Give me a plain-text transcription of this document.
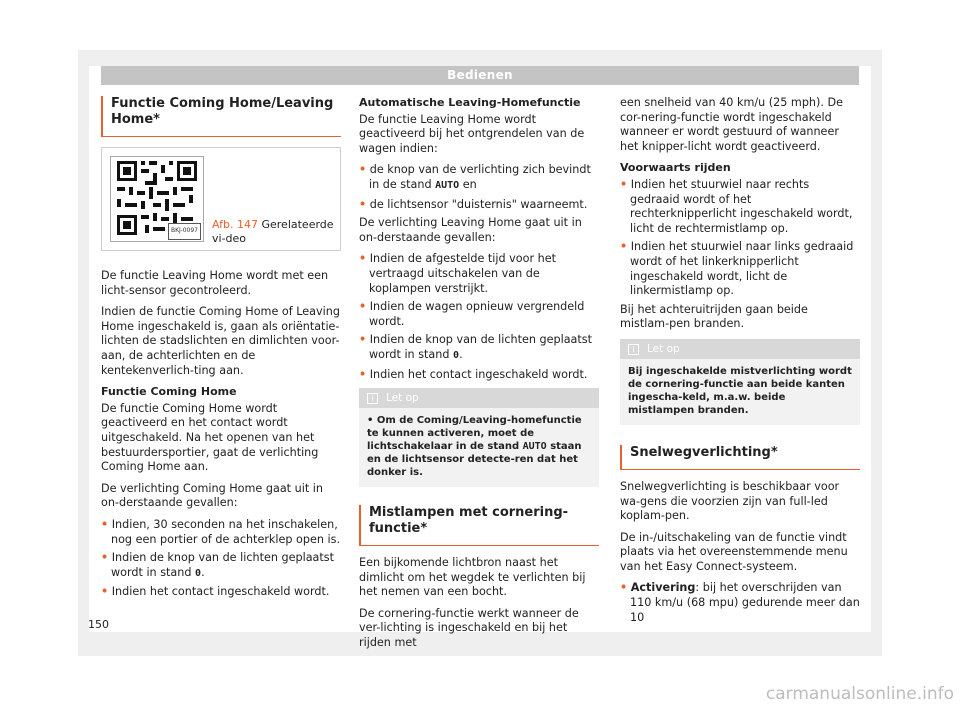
Bedienen
Functie Coming Home/Leaving Home*
BKJ-0097 Afb. 147 Gerelateerde vi-deo

De functie Leaving Home wordt met een licht-sensor gecontroleerd.

Indien de functie Coming Home of Leaving Home ingeschakeld is, gaan als oriëntatie-lichten de stadslichten en dimlichten voor-aan, de achterlichten en de kentekenverlich-ting aan.

Functie Coming Home

De functie Coming Home wordt geactiveerd en het contact wordt uitgeschakeld. Na het openen van het bestuurdersportier, gaat de verlichting Coming Home aan.

De verlichting Coming Home gaat uit in on-derstaande gevallen:

• Indien, 30 seconden na het inschakelen, nog een portier of de achterklep open is.
• Indien de knop van de lichten geplaatst wordt in stand 0.
• Indien het contact ingeschakeld wordt.
Automatische Leaving-Homefunctie

De functie Leaving Home wordt geactiveerd bij het ontgrendelen van de wagen indien:

• de knop van de verlichting zich bevindt in de stand AUTO en
• de lichtsensor "duisternis" waarneemt.

De verlichting Leaving Home gaat uit in on-derstaande gevallen:

• Indien de afgestelde tijd voor het vertraagd uitschakelen van de koplampen verstrijkt.
• Indien de wagen opnieuw vergrendeld wordt.
• Indien de knop van de lichten geplaatst wordt in stand 0.
• Indien het contact ingeschakeld wordt.
i Let op
• Om de Coming/Leaving-homefunctie te kunnen activeren, moet de lichtschakelaar in de stand AUTO staan en de lichtsensor detecte-ren dat het donker is.
Mistlampen met cornering-functie*

Een bijkomende lichtbron naast het dimlicht om het wegdek te verlichten bij het nemen van een bocht.

De cornering-functie werkt wanneer de ver-lichting is ingeschakeld en bij het rijden met

een snelheid van 40 km/u (25 mph). De cor-nering-functie wordt ingeschakeld wanneer er wordt gestuurd of wanneer het knipper-licht wordt geactiveerd.

Voorwaarts rijden
• Indien het stuurwiel naar rechts gedraaid wordt of het rechterknipperlicht ingeschakeld wordt, licht de rechtermistlamp op.
• Indien het stuurwiel naar links gedraaid wordt of het linkerknipperlicht ingeschakeld wordt, licht de linkermistlamp op.

Bij het achteruitrijden gaan beide mistlam-pen branden.

i Let op
Bij ingeschakelde mistverlichting wordt de cornering-functie aan beide kanten ingescha-keld, m.a.w. beide mistlampen branden.
Snelwegverlichting*

Snelwegverlichting is beschikbaar voor wa-gens die voorzien zijn van full-led koplam-pen.

De in-/uitschakeling van de functie vindt plaats via het overeenstemmende menu van het Easy Connect-systeem.

• Activering: bij het overschrijden van 110 km/u (68 mpu) gedurende meer dan 10
150
carmanualsonline.info
